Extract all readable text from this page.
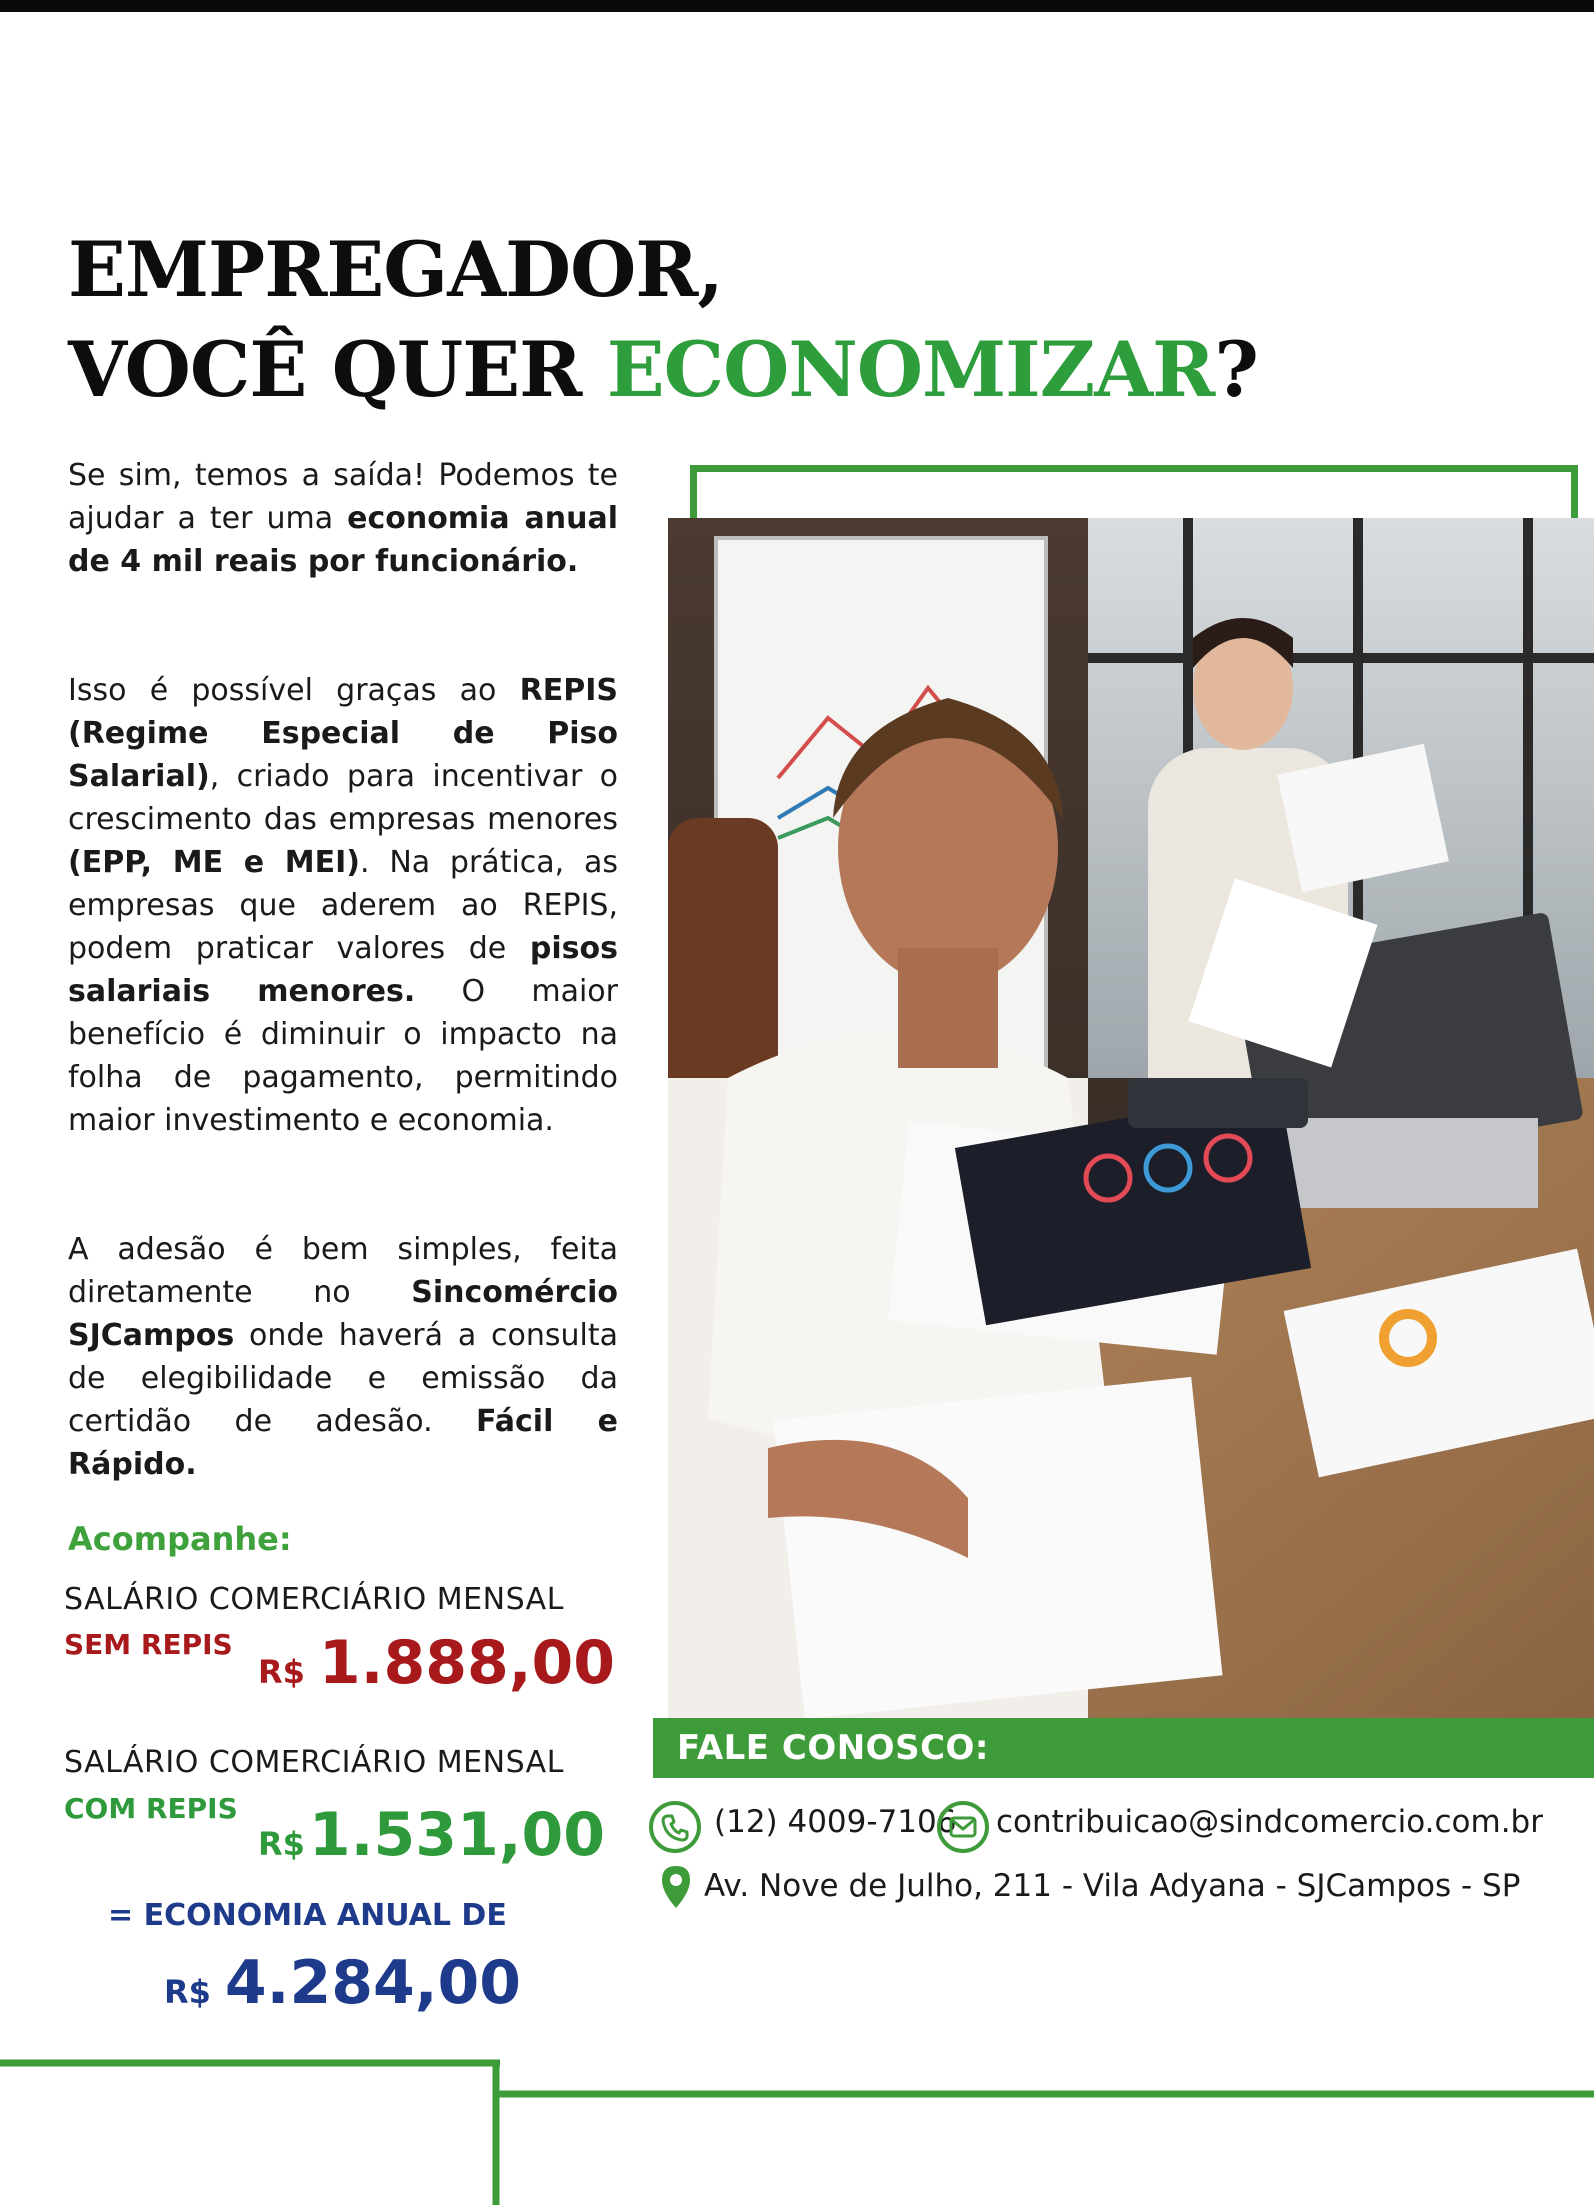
EMPREGADOR,
VOCÊ QUER ECONOMIZAR?

Se sim, temos a saída! Podemos te ajudar a ter uma economia anual de 4 mil reais por funcionário.

Isso é possível graças ao REPIS (Regime Especial de Piso Salarial), criado para incentivar o crescimento das empresas menores (EPP, ME e MEI). Na prática, as empresas que aderem ao REPIS, podem praticar valores de pisos salariais menores. O maior benefício é diminuir o impacto na folha de pagamento, permitindo maior investimento e economia.

A adesão é bem simples, feita diretamente no Sincomércio SJCampos onde haverá a consulta de elegibilidade e emissão da certidão de adesão. Fácil e Rápido.

Acompanhe:
SALÁRIO COMERCIÁRIO MENSAL
SEM REPIS
R$ 1.888,00
SALÁRIO COMERCIÁRIO MENSAL
COM REPIS
R$1.531,00
= ECONOMIA ANUAL DE
R$ 4.284,00
FALE CONOSCO:
(12) 4009-7106 contribuicao@sindcomercio.com.br
Av. Nove de Julho, 211 - Vila Adyana - SJCampos - SP
